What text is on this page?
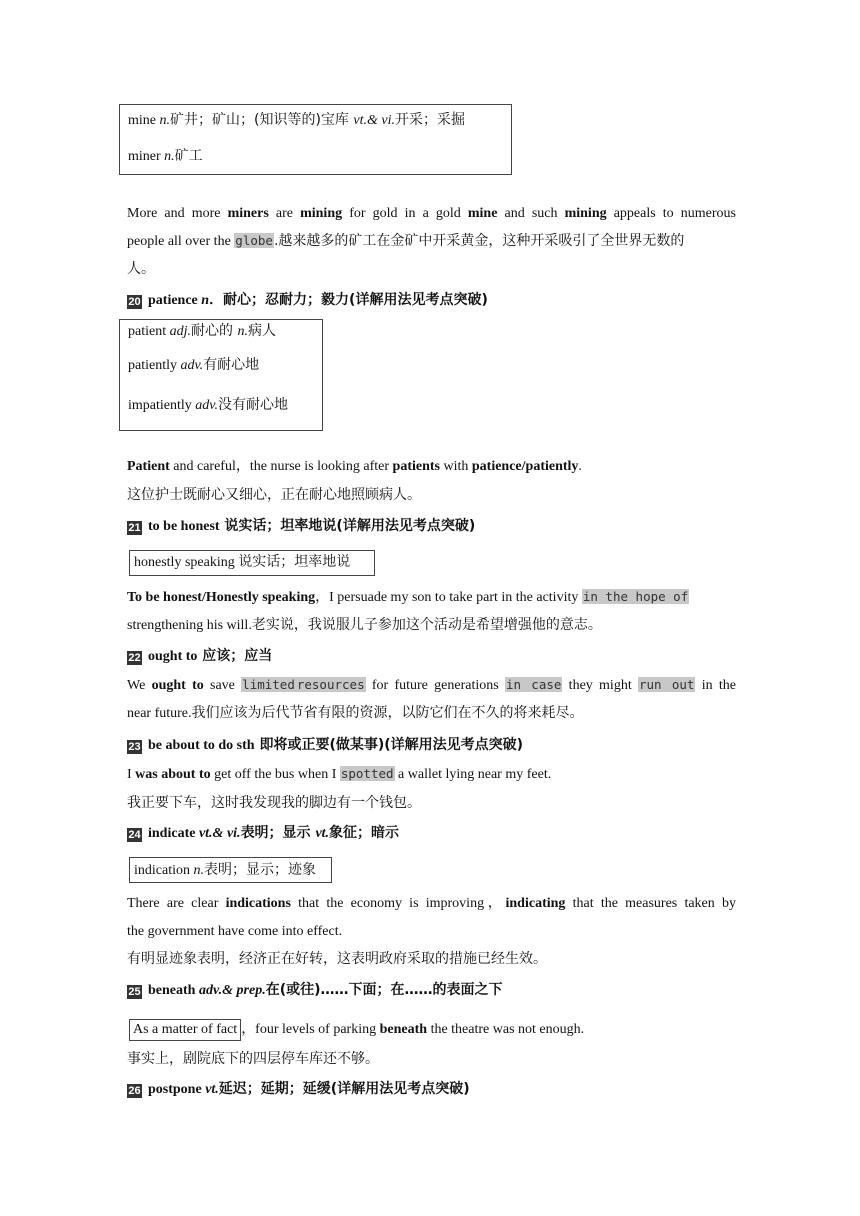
mine n.矿井；矿山；(知识等的)宝库 vt.& vi.开采；采掘
miner n.矿工
More and more miners are mining for gold in a gold mine and such mining appeals to numerous
people all over the globe.越来越多的矿工在金矿中开采黄金，这种开采吸引了全世界无数的
人。
20 patience n．耐心；忍耐力；毅力(详解用法见考点突破)
patient adj.耐心的 n.病人
patiently adv.有耐心地
impatiently adv.没有耐心地
Patient and careful，the nurse is looking after patients with patience/patiently.
这位护士既耐心又细心，正在耐心地照顾病人。
21 to be honest 说实话；坦率地说(详解用法见考点突破)
honestly speaking 说实话；坦率地说
To be honest/Honestly speaking，I persuade my son to take part in the activity in the hope of
strengthening his will.老实说，我说服儿子参加这个活动是希望增强他的意志。
22 ought to 应该；应当
We ought to save limited resources for future generations in case they might run out in the
near future.我们应该为后代节省有限的资源，以防它们在不久的将来耗尽。
23 be about to do sth 即将或正要(做某事)(详解用法见考点突破)
I was about to get off the bus when I spotted a wallet lying near my feet.
我正要下车，这时我发现我的脚边有一个钱包。
24 indicate vt.& vi.表明；显示 vt.象征；暗示
indication n.表明；显示；迹象
There are clear indications that the economy is improving，indicating that the measures taken by
the government have come into effect.
有明显迹象表明，经济正在好转，这表明政府采取的措施已经生效。
25 beneath adv.& prep.在(或往)……下面；在……的表面之下
As a matter of fact ，four levels of parking beneath the theatre was not enough.
事实上，剧院底下的四层停车库还不够。
26 postpone vt.延迟；延期；延缓(详解用法见考点突破)
